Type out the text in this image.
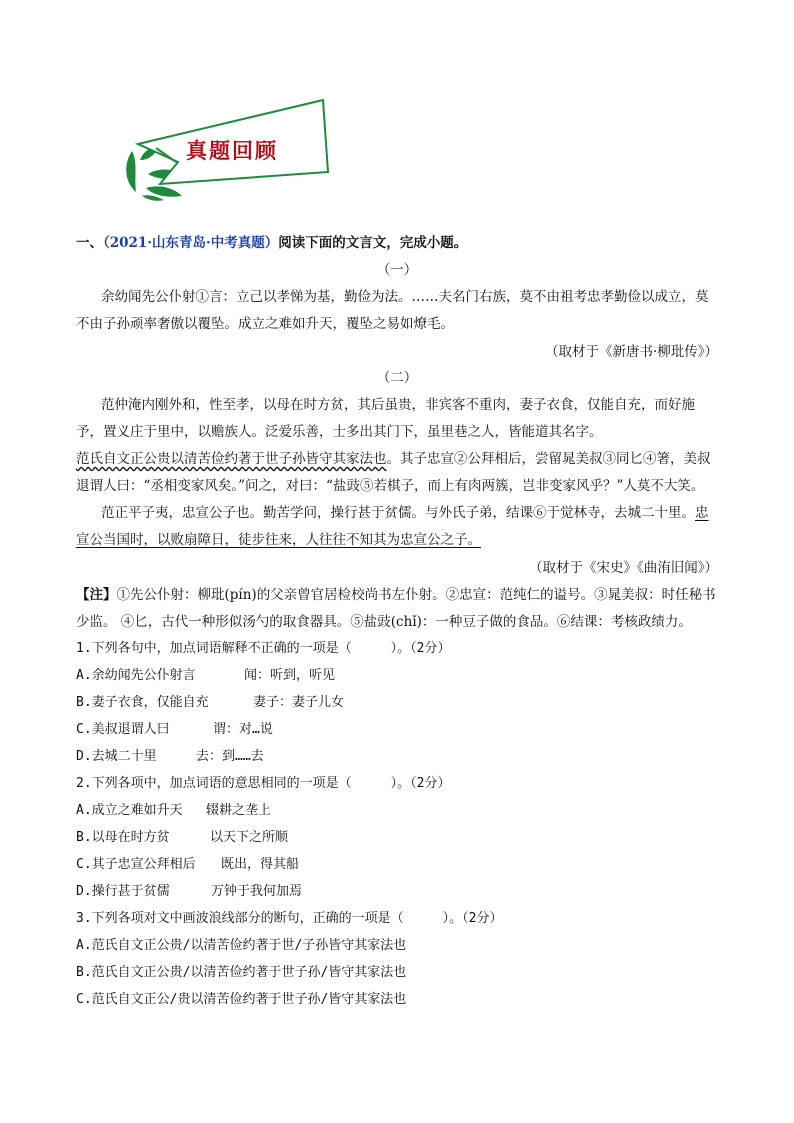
真题回顾
一、（2021·山东青岛·中考真题）阅读下面的文言文，完成小题。
（一）
余幼闻先公仆射①言：立己以孝悌为基，勤俭为法。……夫名门右族，莫不由祖考忠孝勤俭以成立，莫
不由子孙顽率奢傲以覆坠。成立之难如升天，覆坠之易如燎毛。
（取材于《新唐书·柳玭传》）
（二）
范仲淹内刚外和，性至孝，以母在时方贫，其后虽贵，非宾客不重肉，妻子衣食，仅能自充，而好施
予，置义庄于里中，以赡族人。泛爱乐善，士多出其门下，虽里巷之人，皆能道其名字。
范氏自文正公贵以清苦俭约著于世子孙皆守其家法也。其子忠宣②公拜相后，尝留晁美叔③同匕④箸，美叔
退谓人曰：“丞相变家风矣。”问之，对曰：“盐豉⑤若棋子，而上有肉两簇，岂非变家风乎？”人莫不大笑。
范正平子夷，忠宣公子也。勤苦学问，操行甚于贫儒。与外氏子弟，结课⑥于觉林寺，去城二十里。忠
宣公当国时，以败扇障日，徒步往来，人往往不知其为忠宣公之子。
（取材于《宋史》《曲洧旧闻》）
【注】①先公仆射：柳玭(pín)的父亲曾官居检校尚书左仆射。②忠宣：范纯仁的谥号。③晁美叔：时任秘书
少监。 ④匕，古代一种形似汤勺的取食器具。⑤盐豉(chǐ)：一种豆子做的食品。⑥结课：考核政绩力。
1.下列各句中，加点词语解释不正确的一项是（　　　）。（2分）
A.余幼闻先公仆射言	闻：听到，听见
B.妻子衣食，仅能自充	妻子：妻子儿女
C.美叔退谓人曰	谓：对…说
D.去城二十里	去：到……去
2.下列各项中，加点词语的意思相同的一项是（　　　）。（2分）
A.成立之难如升天 辍耕之垄上
B.以母在时方贫	以天下之所顺
C.其子忠宣公拜相后 既出，得其船
D.操行甚于贫儒	万钟于我何加焉
3.下列各项对文中画波浪线部分的断句，正确的一项是（　　　）。（2分）
A.范氏自文正公贵/以清苦俭约著于世/子孙皆守其家法也
B.范氏自文正公贵/以清苦俭约著于世子孙/皆守其家法也
C.范氏自文正公/贵以清苦俭约著于世子孙/皆守其家法也
